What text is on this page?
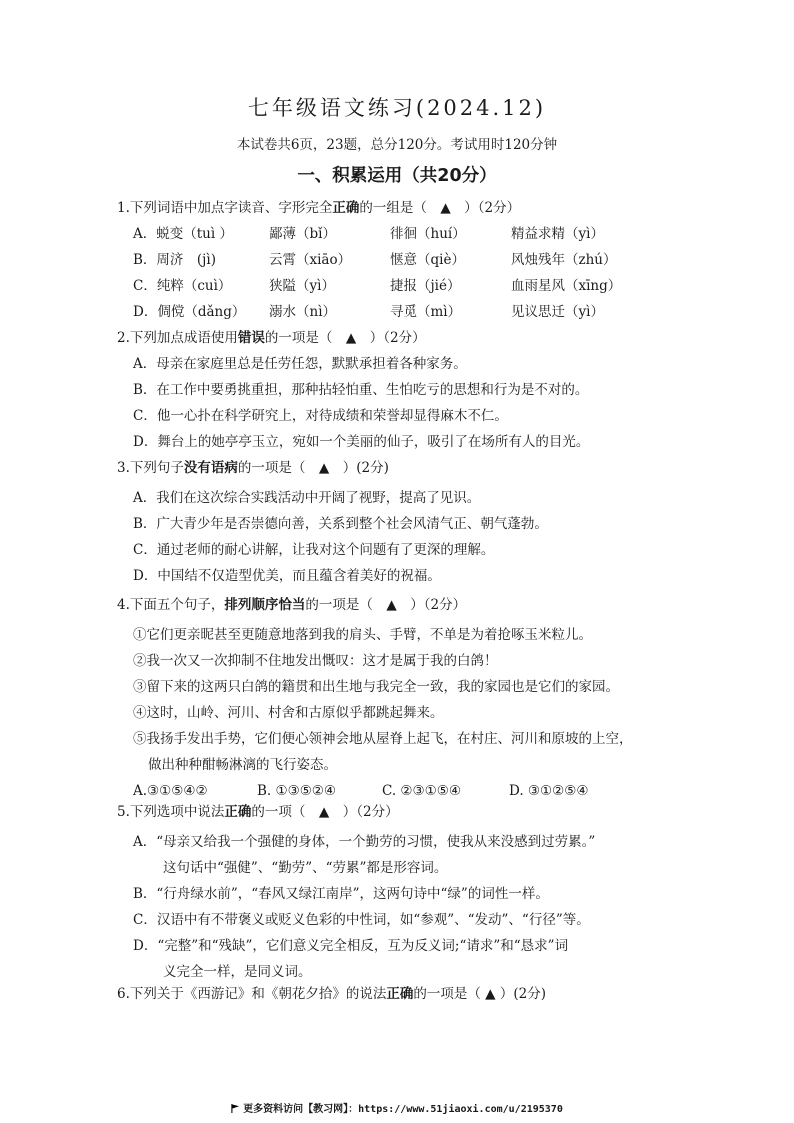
七年级语文练习(2024.12)
本试卷共6页，23题，总分120分。考试用时120分钟
一、积累运用（共20分）
1.下列词语中加点字读音、字形完全正确的一组是（　▲　）（2分）
A．蜕变（tuì ）	鄙薄（bǐ）	徘徊（huí）	精益求精（yì）
B．周济　(jì)	云霄（xiāo）	惬意（qiè）	风烛残年（zhú）
C．纯粹（cuì）	狭隘（yì）	捷报（jié）	血雨星风（xīng）
D．倜傥（dǎng） 溺水（nì）	寻觅（mì）	见议思迁（yì）
2.下列加点成语使用错误的一项是（　▲　）（2分）
A．母亲在家庭里总是任劳任怨，默默承担着各种家务。
B．在工作中要勇挑重担，那种拈轻怕重、生怕吃亏的思想和行为是不对的。
C．他一心扑在科学研究上，对待成绩和荣誉却显得麻木不仁。
D．舞台上的她亭亭玉立，宛如一个美丽的仙子，吸引了在场所有人的目光。
3.下列句子没有语病的一项是（　▲　）(2分)
A．我们在这次综合实践活动中开阔了视野，提高了见识。
B．广大青少年是否崇德向善，关系到整个社会风清气正、朝气蓬勃。
C．通过老师的耐心讲解，让我对这个问题有了更深的理解。
D．中国结不仅造型优美，而且蕴含着美好的祝福。
4.下面五个句子，排列顺序恰当的一项是（　▲　）（2分）
①它们更亲昵甚至更随意地落到我的肩头、手臂，不单是为着抢啄玉米粒儿。
②我一次又一次抑制不住地发出慨叹：这才是属于我的白鸽！
③留下来的这两只白鸽的籍贯和出生地与我完全一致，我的家园也是它们的家园。
④这时，山岭、河川、村舍和古原似乎都跳起舞来。
⑤我扬手发出手势，它们便心领神会地从屋脊上起飞，在村庄、河川和原坡的上空，
做出种种酣畅淋漓的飞行姿态。
A.③①⑤④②	B. ①③⑤②④	C. ②③①⑤④	D. ③①②⑤④
5.下列选项中说法正确的一项（　▲　）（2分）
A．“母亲又给我一个强健的身体，一个勤劳的习惯，使我从来没感到过劳累。”
这句话中“强健”、“勤劳”、“劳累”都是形容词。
B．“行舟绿水前”，“春风又绿江南岸”，这两句诗中“绿”的词性一样。
C．汉语中有不带褒义或贬义色彩的中性词，如“参观”、“发动”、“行径”等。
D．“完整”和“残缺”，它们意义完全相反，互为反义词;“请求”和“恳求”词
义完全一样，是同义词。
6.下列关于《西游记》和《朝花夕拾》的说法正确的一项是（ ▲ ）(2分)
更多资料访问【教习网】：https://www.51jiaoxi.com/u/2195370
